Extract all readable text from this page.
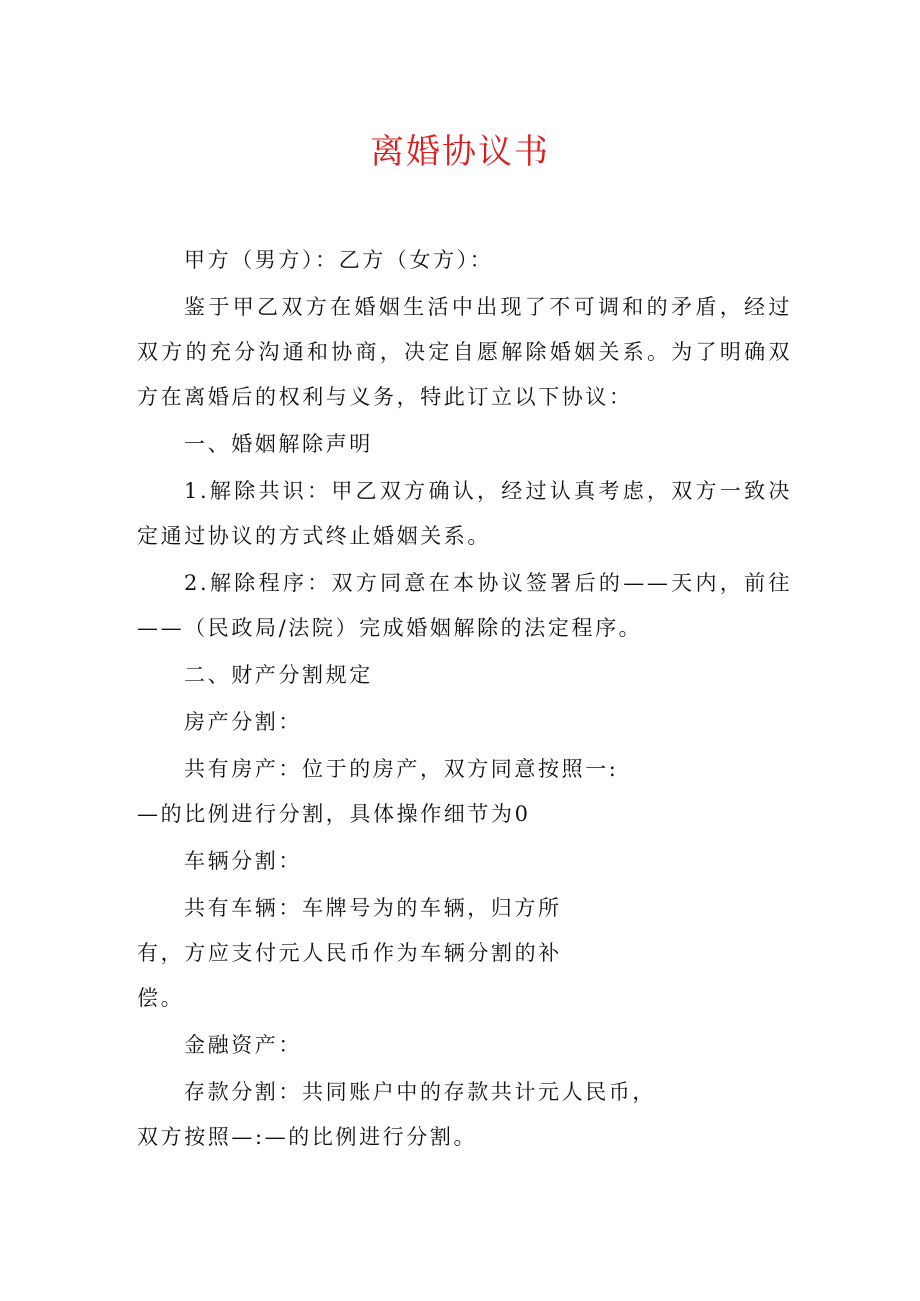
离婚协议书

甲方（男方）：乙方（女方）：

鉴于甲乙双方在婚姻生活中出现了不可调和的矛盾，经过双方的充分沟通和协商，决定自愿解除婚姻关系。为了明确双方在离婚后的权利与义务，特此订立以下协议：

一、婚姻解除声明

1.解除共识：甲乙双方确认，经过认真考虑，双方一致决定通过协议的方式终止婚姻关系。

2.解除程序：双方同意在本协议签署后的——天内，前往——（民政局/法院）完成婚姻解除的法定程序。

二、财产分割规定

房产分割：

共有房产：位于的房产，双方同意按照一:
—的比例进行分割，具体操作细节为0

车辆分割：

共有车辆：车牌号为的车辆，归方所
有，方应支付元人民币作为车辆分割的补
偿。

金融资产：

存款分割：共同账户中的存款共计元人民币，
双方按照—:—的比例进行分割。
